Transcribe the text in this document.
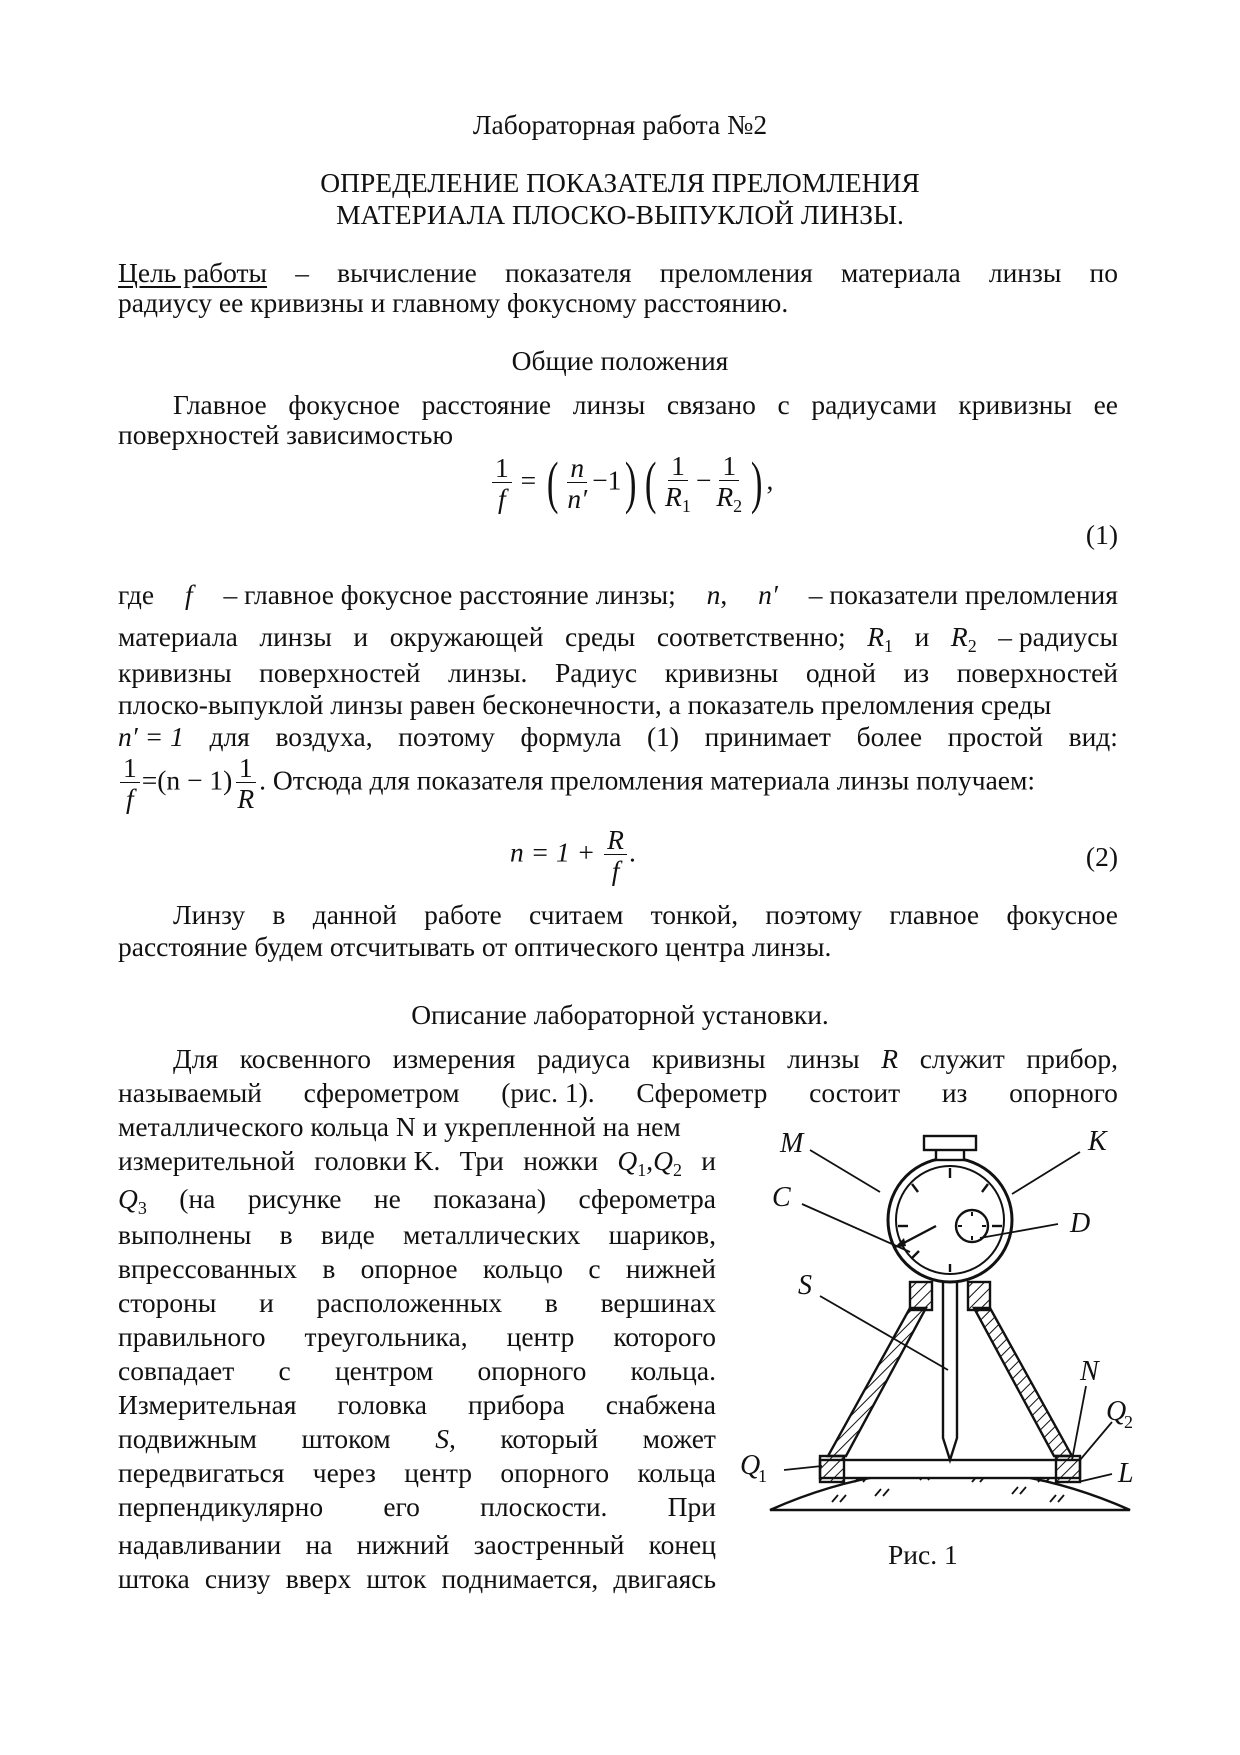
Лабораторная работа №2
ОПРЕДЕЛЕНИЕ ПОКАЗАТЕЛЯ ПРЕЛОМЛЕНИЯ
МАТЕРИАЛА ПЛОСКО-ВЫПУКЛОЙ ЛИНЗЫ.
Цель работы – вычисление показателя преломления материала линзы по
радиусу ее кривизны и главному фокусному расстоянию.
Общие положения
Главное фокусное расстояние линзы связано с радиусами кривизны ее
поверхностей зависимостью
$\frac{1}{f}$ = ( $\frac{n}{n'} -1$) ( $\frac{1}{R_1} - \frac{1}{R_2}$ ) ,
(1)
где f – главное фокусное расстояние линзы; n, n′ – показатели преломления
материала линзы и окружающей среды соответственно; $R_1$ и $R_2$ – радиусы
кривизны поверхностей линзы. Радиус кривизны одной из поверхностей
плоско-выпуклой линзы равен бесконечности, а показатель преломления среды
n′ = 1 для воздуха, поэтому формула (1) принимает более простой вид:
$\frac{1}{f} =(n - 1) \frac{1}{R}$ . Отсюда для показателя преломления материала линзы получаем:
$n = 1 + \frac{R}{f}$ .	(2)
Линзу в данной работе считаем тонкой, поэтому главное фокусное
расстояние будем отсчитывать от оптического центра линзы.
Описание лабораторной установки.
Для косвенного измерения радиуса кривизны линзы R служит прибор,
называемый сферометром (рис. 1). Сферометр состоит из опорного
металлического кольца N и укрепленной на нем
измерительной головки K. Три ножки $Q_1,Q_2$ и
$Q_3$ (на рисунке не показана) сферометра
выполнены в виде металлических шариков,
впрессованных в опорное кольцо с нижней
стороны и расположенных в вершинах
правильного треугольника, центр которого
совпадает с центром опорного кольца.
Измерительная головка прибора снабжена
подвижным штоком S, который может
передвигаться через центр опорного кольца
перпендикулярно его плоскости. При
надавливании на нижний заостренный конец
штока снизу вверх шток поднимается, двигаясь
M	K
C
D
S
N
Q
2
Q
1	L
Рис. 1
